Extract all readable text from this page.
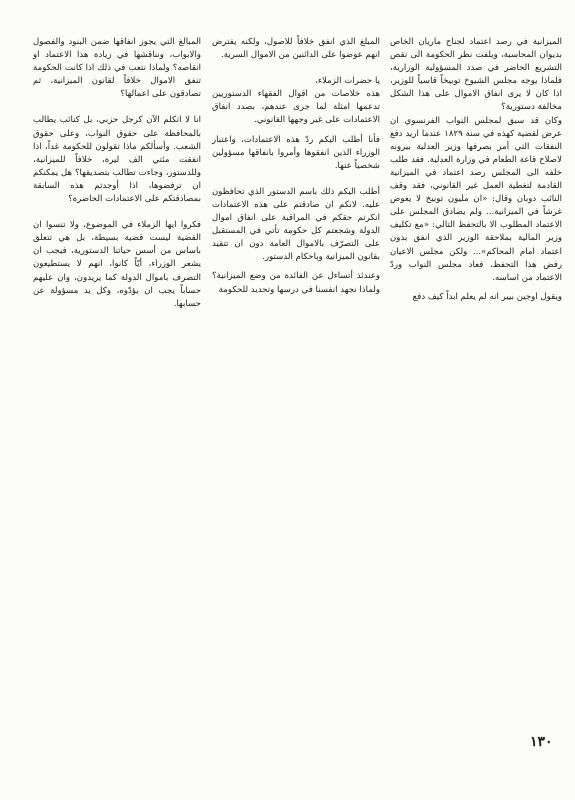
الميزانية في رصد اعتماد لجناح ماريان الخاص بديوان المحاسبة، ويلفت نظر الحكومة الى نقص التشريع الحاضر في صدد المسؤولية الوزارية، فلماذا يوجه مجلس الشيوخ توبيخاً قاسياً للوزير، اذا كان لا يرى انفاق الاموال على هذا الشكل مخالفة دستورية؟

وكان قد سبق لمجلس النواب الفرنسوي ان عرض لقضية كهذه في سنة ١٨٢٩ عندما اريد دفع النفقات التي أمر بصرفها وزير العدلية بيرونه لاصلاح قاعة الطعام في وزارة العدلية. فقد طلب خلفه الى المجلس رصد اعتماد في الميزانية القادمة لتغطية العمل غير القانوني، فقد وقف النائب دوبان وقال: «ان مليون توبيخ لا يعوض غرشاً في الميزانية... ولم يصادق المجلس على الاعتماد المطلوب الا بالتحفظ التالي: «مع تكليف وزير المالية بملاحقة الوزير الذي انفق بدون اعتماد امام المحاكم»... ولكن مجلس الاعيان رفض هذا التحفظ، فعاد مجلس النواب وردّ الاعتماد من اساسه.

ويقول اوجين بيير انه لم يعلم ابداً كيف دفع

المبلغ الذي انفق خلافاً للاصول، ولكنه يفترض انهم عوضوا على الدائنين من الاموال السرية.

يا حضرات الزملاء،

هذه خلاصات من اقوال الفقهاء الدستوريين تدعمها امثلة لما جرى عندهم، بصدد انفاق الاعتمادات على غير وجهها القانوني.

فأنا أطلب اليكم ردّ هذه الاعتمادات، واعتبار الوزراء الذين انفقوها وأمروا بانفاقها مسؤولين شخصياً عنها.

أطلب اليكم ذلك باسم الدستور الذي تحافظون عليه. لانكم ان صادقتم على هذه الاعتمادات انكرتم حقكم في المراقبة على انفاق اموال الدولة وشجعتم كل حكومة تأتي في المستقبل على التصرّف بالاموال العامة دون ان تتقيد بقانون الميزانية وباحكام الدستور.

وعندئذ أتساءل عن الفائدة من وضع الميزانية؟ ولماذا نجهد انفسنا في درسها وتحديد للحكومة

المبالغ التي يجوز انفاقها ضمن البنود والفصول والابواب، ونناقشها في زيادة هذا الاعتماد او انقاصه؟ ولماذا نتعب في ذلك اذا كانت الحكومة تنفق الاموال خلافاً لقانون الميزانية، ثم تصادقون على اعمالها؟

انا لا اتكلم الآن كرجل حزبي، بل كنائب يطالب بالمحافظة على حقوق النواب، وعلى حقوق الشعب. وأسألكم ماذا تقولون للحكومة غداً، اذا انفقت مئتي الف ليرة، خلافاً للميزانية، وللدستور، وجاءت تطالب بتصديقها؟ هل يمكنكم ان ترفضوها، اذا أوجدتم هذه السابقة بمصادقتكم على الاعتمادات الحاضرة؟

فكروا ايها الزملاء في الموضوع، ولا تنسوا ان القضية ليست قضية بسيطة، بل هي تتعلق باساس من أسس حياتنا الدستورية، فيجب ان يشعر الوزراء، أيّاً كانوا، انهم لا يستطيعون التصرف باموال الدولة كما يريدون، وان عليهم حساباً يجب ان يؤدّوه، وكل يد مسؤولة عن حسابها.

١٣٠
